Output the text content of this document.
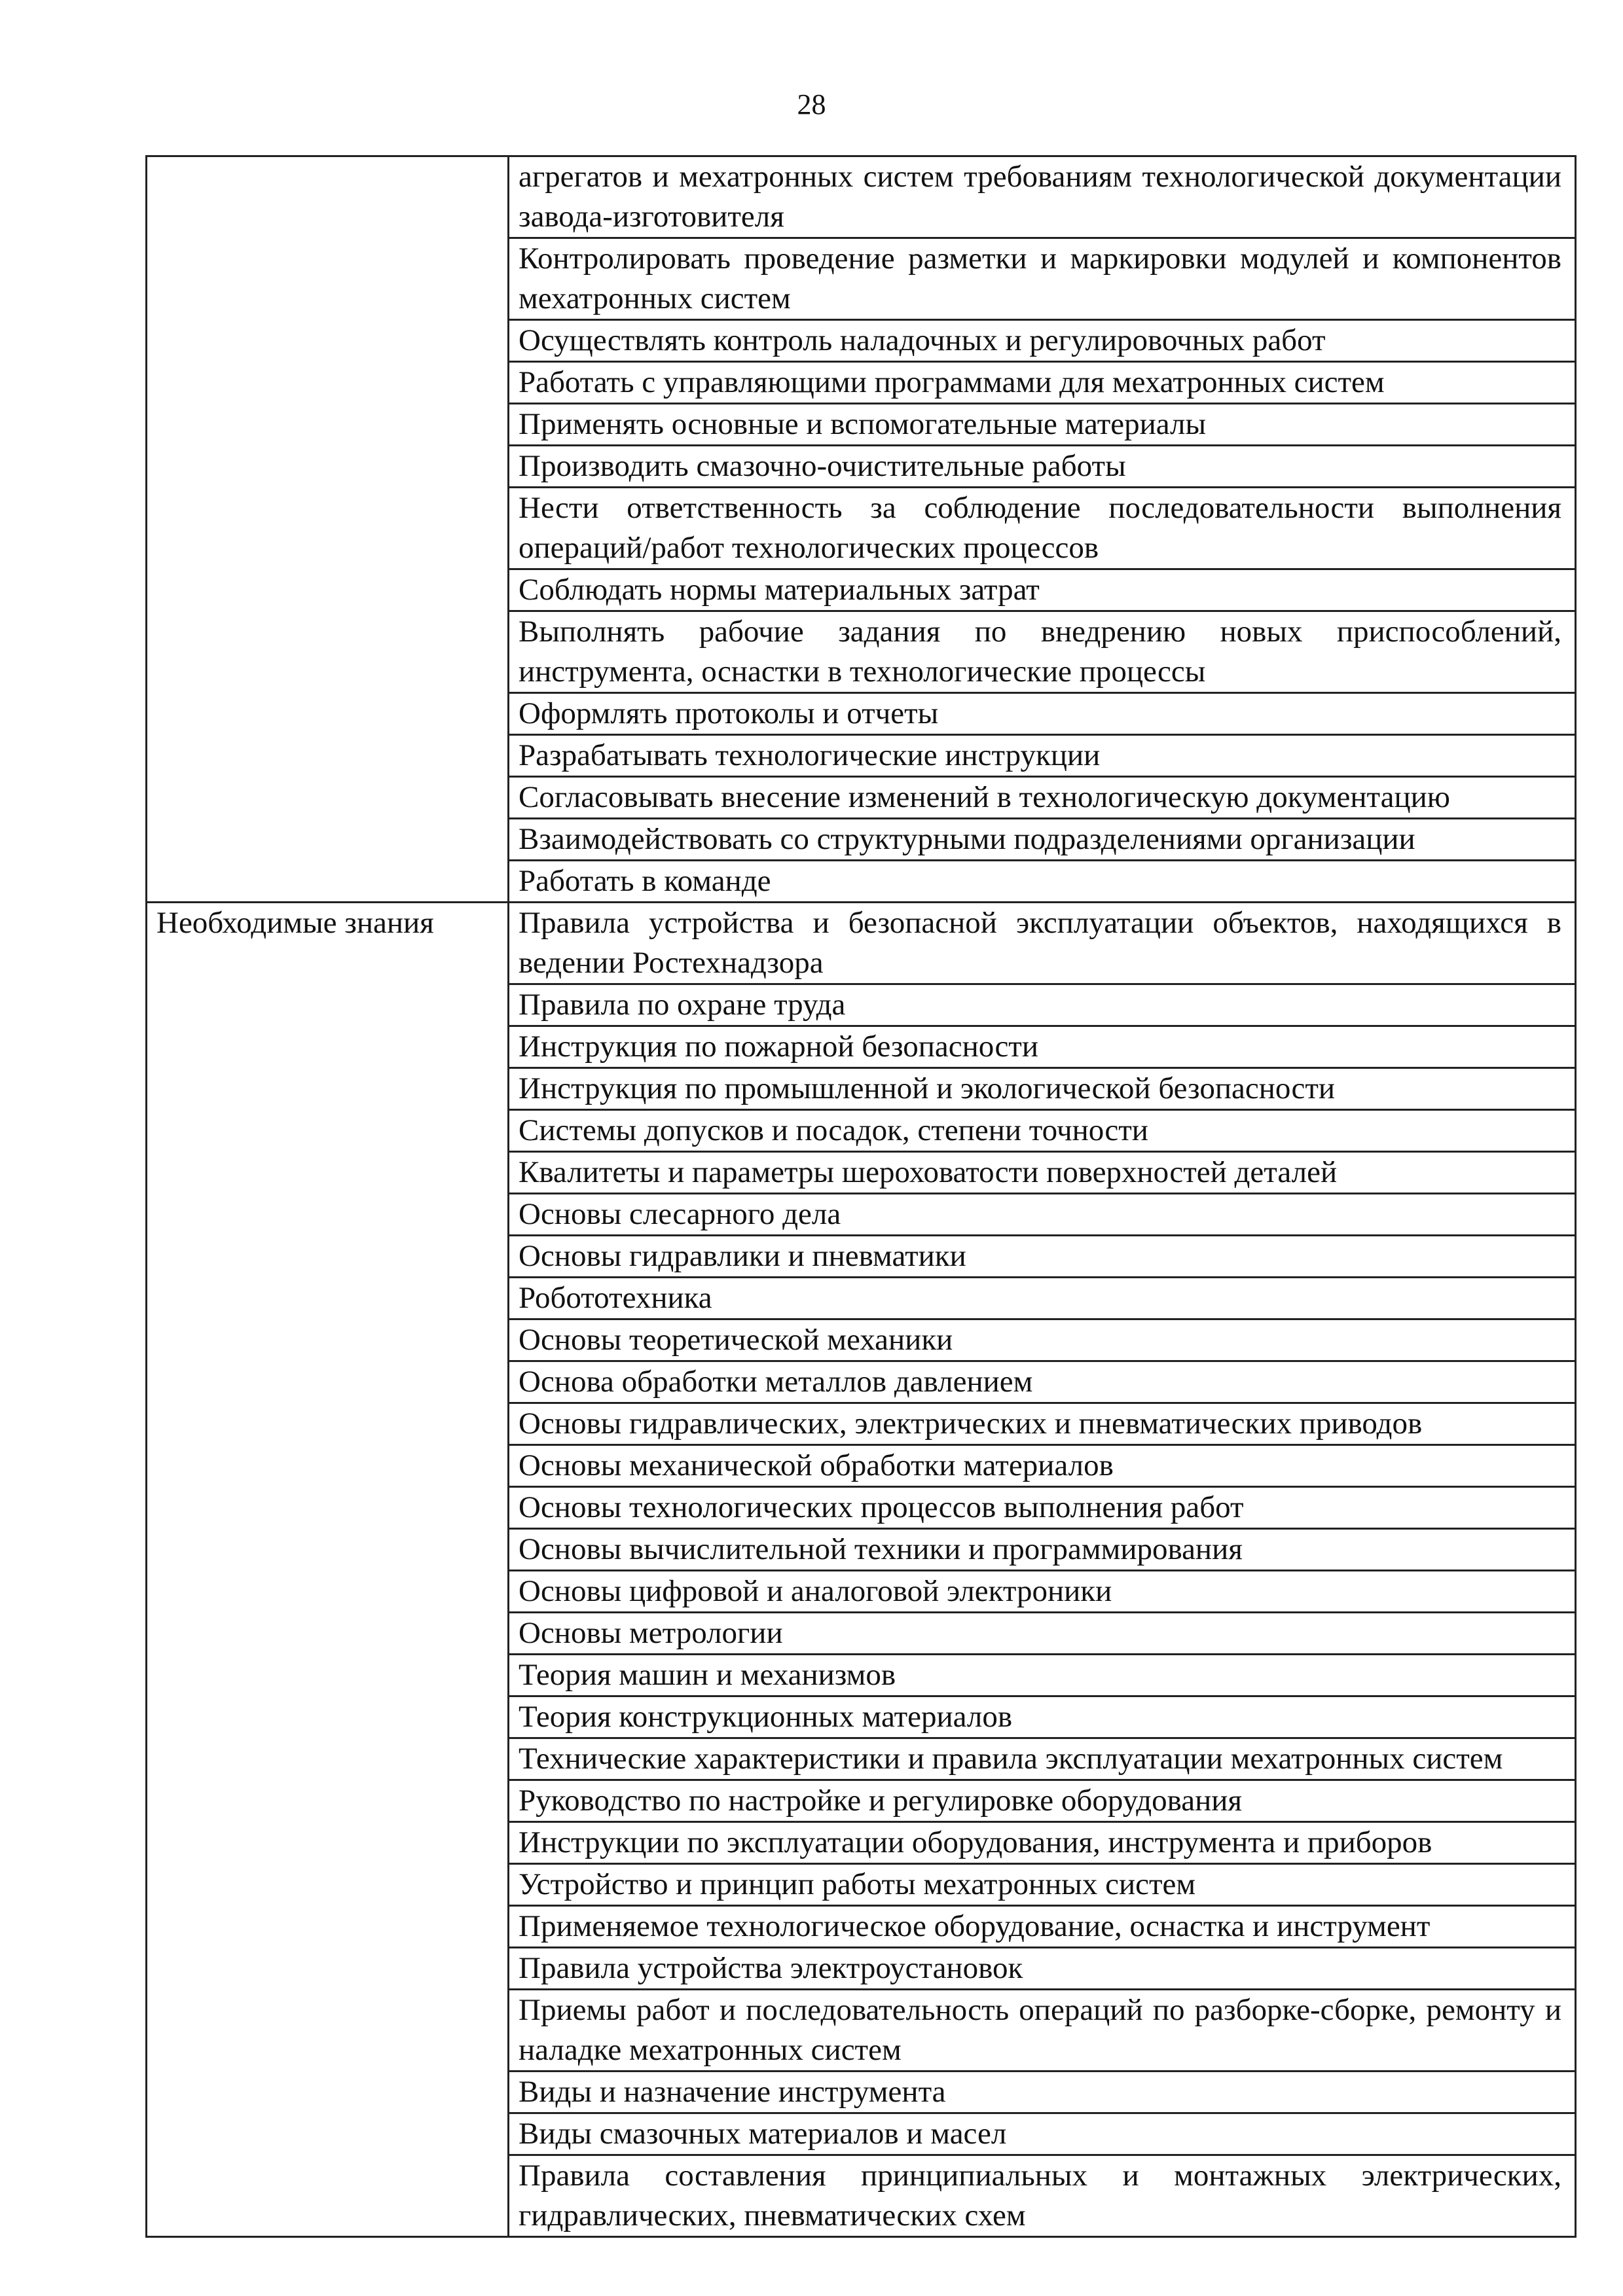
28
	агрегатов и мехатронных систем требованиям технологической документации завода-изготовителя
	Контролировать проведение разметки и маркировки модулей и компонентов мехатронных систем
	Осуществлять контроль наладочных и регулировочных работ
	Работать с управляющими программами для мехатронных систем
	Применять основные и вспомогательные материалы
	Производить смазочно-очистительные работы
	Нести ответственность за соблюдение последовательности выполнения операций/работ технологических процессов
	Соблюдать нормы материальных затрат
	Выполнять рабочие задания по внедрению новых приспособлений, инструмента, оснастки в технологические процессы
	Оформлять протоколы и отчеты
	Разрабатывать технологические инструкции
	Согласовывать внесение изменений в технологическую документацию
	Взаимодействовать со структурными подразделениями организации
	Работать в команде
Необходимые знания	Правила устройства и безопасной эксплуатации объектов, находящихся в ведении Ростехнадзора
	Правила по охране труда
	Инструкция по пожарной безопасности
	Инструкция по промышленной и экологической безопасности
	Системы допусков и посадок, степени точности
	Квалитеты и параметры шероховатости поверхностей деталей
	Основы слесарного дела
	Основы гидравлики и пневматики
	Робототехника
	Основы теоретической механики
	Основа обработки металлов давлением
	Основы гидравлических, электрических и пневматических приводов
	Основы механической обработки материалов
	Основы технологических процессов выполнения работ
	Основы вычислительной техники и программирования
	Основы цифровой и аналоговой электроники
	Основы метрологии
	Теория машин и механизмов
	Теория конструкционных материалов
	Технические характеристики и правила эксплуатации мехатронных систем
	Руководство по настройке и регулировке оборудования
	Инструкции по эксплуатации оборудования, инструмента и приборов
	Устройство и принцип работы мехатронных систем
	Применяемое технологическое оборудование, оснастка и инструмент
	Правила устройства электроустановок
	Приемы работ и последовательность операций по разборке-сборке, ремонту и наладке мехатронных систем
	Виды и назначение инструмента
	Виды смазочных материалов и масел
	Правила составления принципиальных и монтажных электрических, гидравлических, пневматических схем
